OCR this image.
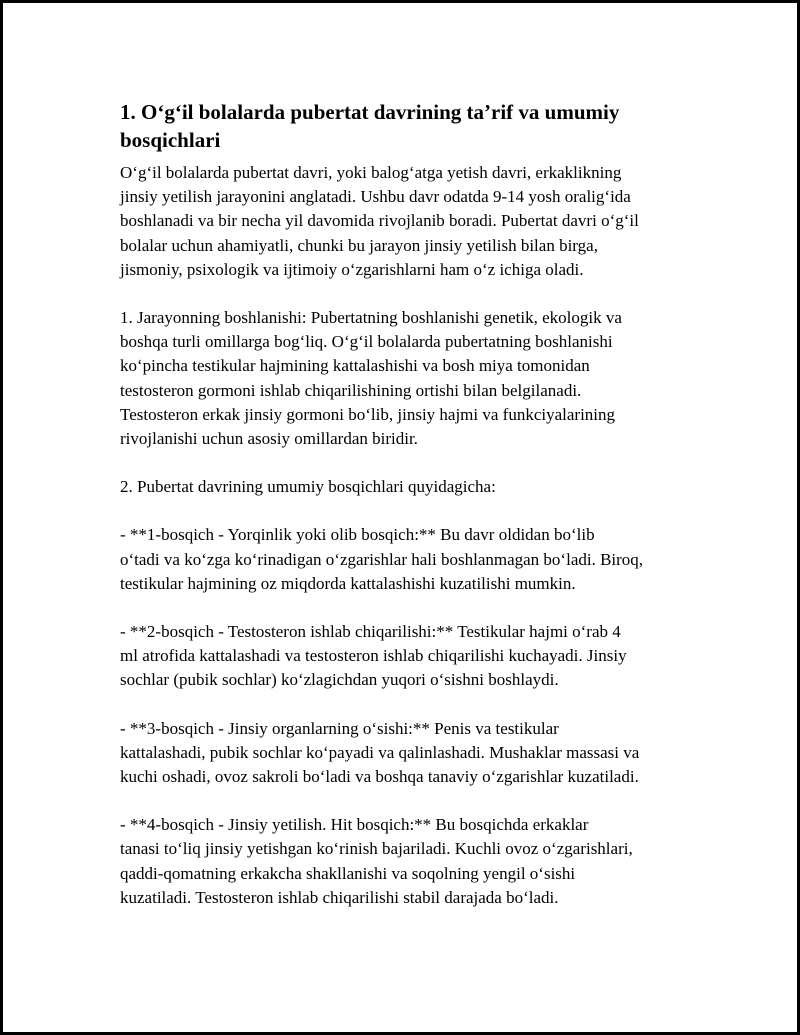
1. O‘g‘il bolalarda pubertat davrining ta’rif va umumiy bosqichlari

O‘g‘il bolalarda pubertat davri, yoki balog‘atga yetish davri, erkaklikning
jinsiy yetilish jarayonini anglatadi. Ushbu davr odatda 9-14 yosh oralig‘ida
boshlanadi va bir necha yil davomida rivojlanib boradi. Pubertat davri o‘g‘il
bolalar uchun ahamiyatli, chunki bu jarayon jinsiy yetilish bilan birga,
jismoniy, psixologik va ijtimoiy o‘zgarishlarni ham o‘z ichiga oladi.

1. Jarayonning boshlanishi: Pubertatning boshlanishi genetik, ekologik va
boshqa turli omillarga bog‘liq. O‘g‘il bolalarda pubertatning boshlanishi
ko‘pincha testikular hajmining kattalashishi va bosh miya tomonidan
testosteron gormoni ishlab chiqarilishining ortishi bilan belgilanadi.
Testosteron erkak jinsiy gormoni bo‘lib, jinsiy hajmi va funkciyalarining
rivojlanishi uchun asosiy omillardan biridir.

2. Pubertat davrining umumiy bosqichlari quyidagicha:

- **1-bosqich - Yorqinlik yoki olib bosqich:** Bu davr oldidan bo‘lib
o‘tadi va ko‘zga ko‘rinadigan o‘zgarishlar hali boshlanmagan bo‘ladi. Biroq,
testikular hajmining oz miqdorda kattalashishi kuzatilishi mumkin.

- **2-bosqich - Testosteron ishlab chiqarilishi:** Testikular hajmi o‘rab 4
ml atrofida kattalashadi va testosteron ishlab chiqarilishi kuchayadi. Jinsiy
sochlar (pubik sochlar) ko‘zlagichdan yuqori o‘sishni boshlaydi.

- **3-bosqich - Jinsiy organlarning o‘sishi:** Penis va testikular
kattalashadi, pubik sochlar ko‘payadi va qalinlashadi. Mushaklar massasi va
kuchi oshadi, ovoz sakroli bo‘ladi va boshqa tanaviy o‘zgarishlar kuzatiladi.

- **4-bosqich - Jinsiy yetilish. Hit bosqich:** Bu bosqichda erkaklar
tanasi to‘liq jinsiy yetishgan ko‘rinish bajariladi. Kuchli ovoz o‘zgarishlari,
qaddi-qomatning erkakcha shakllanishi va soqolning yengil o‘sishi
kuzatiladi. Testosteron ishlab chiqarilishi stabil darajada bo‘ladi.
